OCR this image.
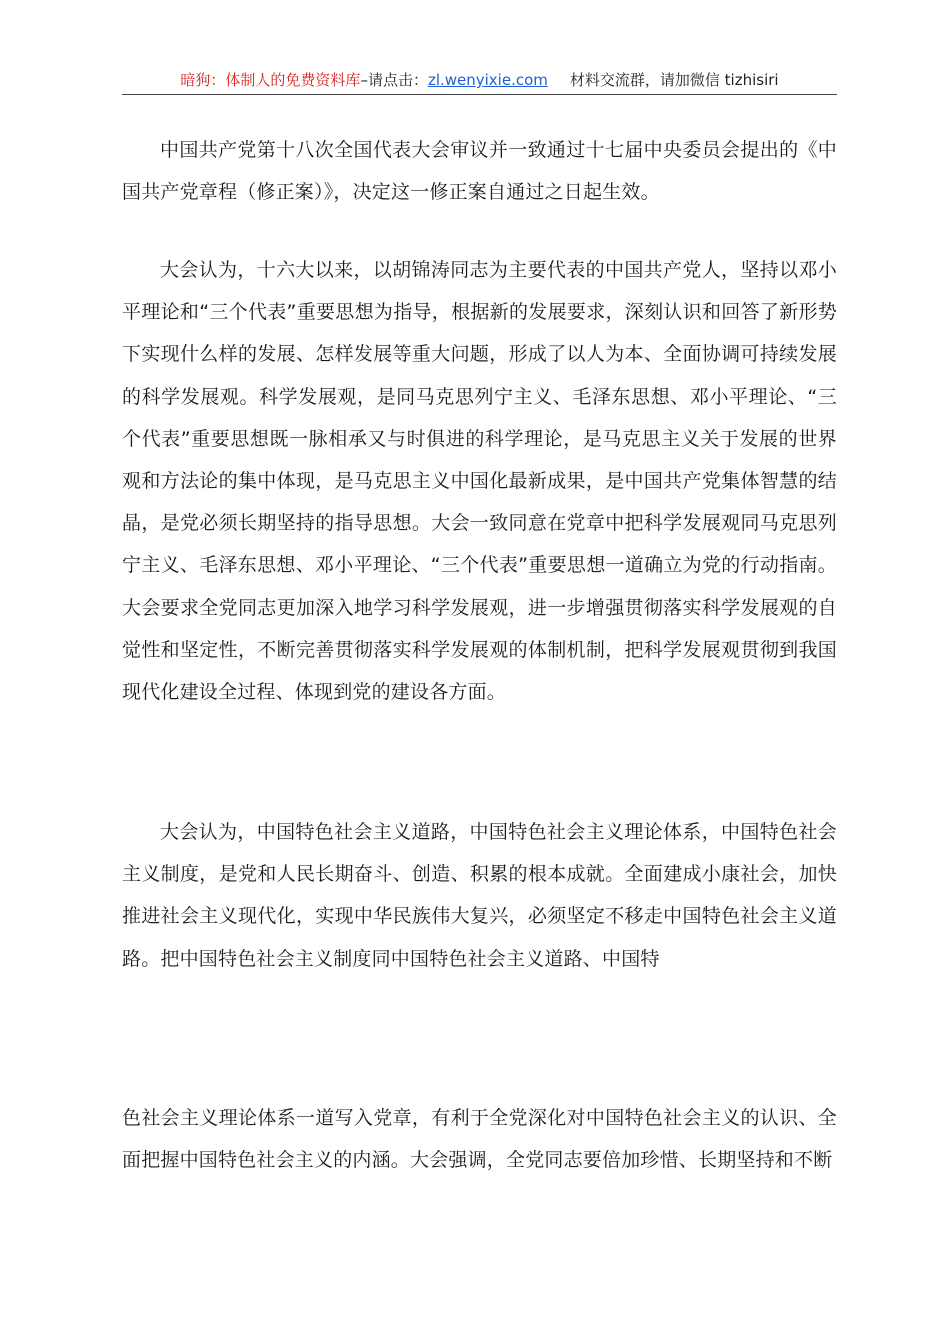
暗狗：体制人的免费资料库–请点击：zl.wenyixie.com 材料交流群，请加微信 tizhisiri

中国共产党第十八次全国代表大会审议并一致通过十七届中央委员会提出的《中国共产党章程（修正案）》，决定这一修正案自通过之日起生效。

大会认为，十六大以来，以胡锦涛同志为主要代表的中国共产党人，坚持以邓小平理论和“三个代表”重要思想为指导，根据新的发展要求，深刻认识和回答了新形势下实现什么样的发展、怎样发展等重大问题，形成了以人为本、全面协调可持续发展的科学发展观。科学发展观，是同马克思列宁主义、毛泽东思想、邓小平理论、“三个代表”重要思想既一脉相承又与时俱进的科学理论，是马克思主义关于发展的世界观和方法论的集中体现，是马克思主义中国化最新成果，是中国共产党集体智慧的结晶，是党必须长期坚持的指导思想。大会一致同意在党章中把科学发展观同马克思列宁主义、毛泽东思想、邓小平理论、“三个代表”重要思想一道确立为党的行动指南。大会要求全党同志更加深入地学习科学发展观，进一步增强贯彻落实科学发展观的自觉性和坚定性，不断完善贯彻落实科学发展观的体制机制，把科学发展观贯彻到我国现代化建设全过程、体现到党的建设各方面。

大会认为，中国特色社会主义道路，中国特色社会主义理论体系，中国特色社会主义制度，是党和人民长期奋斗、创造、积累的根本成就。全面建成小康社会，加快推进社会主义现代化，实现中华民族伟大复兴，必须坚定不移走中国特色社会主义道路。把中国特色社会主义制度同中国特色社会主义道路、中国特

色社会主义理论体系一道写入党章，有利于全党深化对中国特色社会主义的认识、全面把握中国特色社会主义的内涵。大会强调，全党同志要倍加珍惜、长期坚持和不断
